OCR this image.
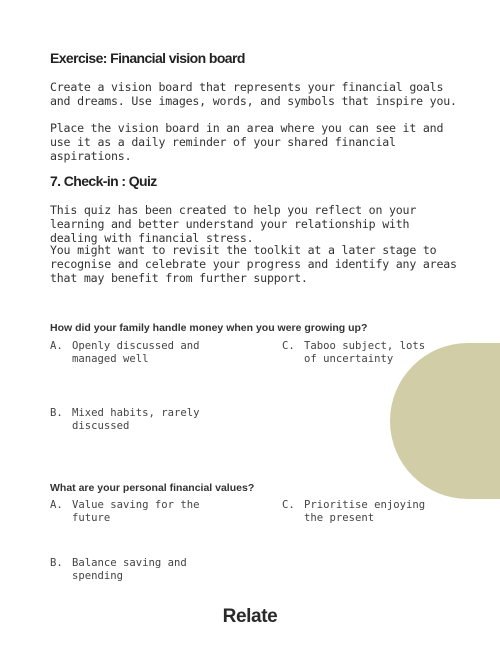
Exercise: Financial vision board

Create a vision board that represents your financial goals and dreams. Use images, words, and symbols that inspire you.

Place the vision board in an area where you can see it and use it as a daily reminder of your shared financial aspirations.

7. Check-in : Quiz

This quiz has been created to help you reflect on your learning and better understand your relationship with dealing with financial stress.

You might want to revisit the toolkit at a later stage to recognise and celebrate your progress and identify any areas that may benefit from further support.

How did your family handle money when you were growing up?

A. Openly discussed and managed well
C. Taboo subject, lots of uncertainty
B. Mixed habits, rarely discussed

What are your personal financial values?

A. Value saving for the future
C. Prioritise enjoying the present
B. Balance saving and spending
Relate
